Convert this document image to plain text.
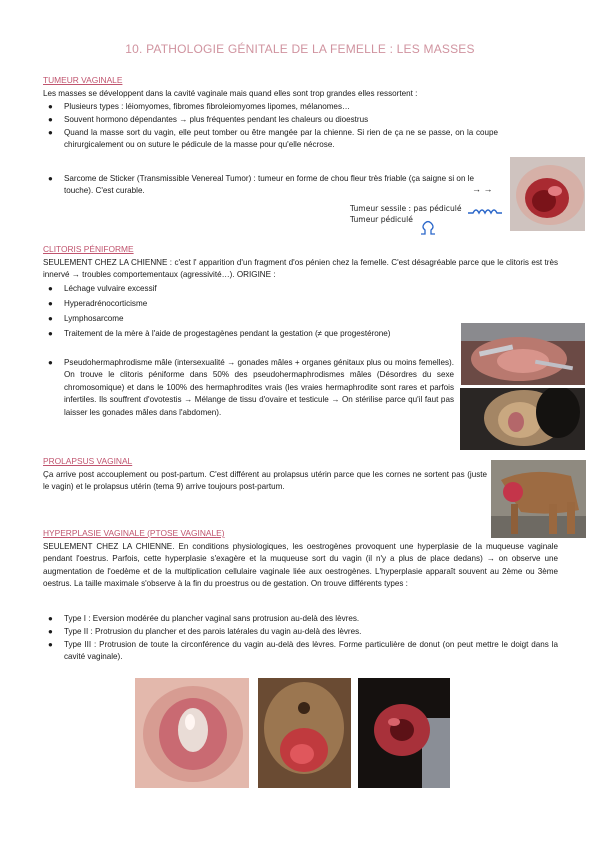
10. PATHOLOGIE GÉNITALE DE LA FEMELLE : LES MASSES
TUMEUR VAGINALE
Les masses se développent dans la cavité vaginale mais quand elles sont trop grandes elles ressortent :
● Plusieurs types : léiomyomes, fibromes fibroleiomyomes lipomes, mélanomes…
● Souvent hormono dépendantes → plus fréquentes pendant les chaleurs ou dioestrus
● Quand la masse sort du vagin, elle peut tomber ou être mangée par la chienne. Si rien de ça ne se passe, on la coupe chirurgicalement ou on suture le pédicule de la masse pour qu'elle nécrose.
● Sarcome de Sticker (Transmissible Venereal Tumor) : tumeur en forme de chou fleur très friable (ça saigne si on le touche). C'est curable.	→ →
Tumeur sessile : pas pédiculé
Tumeur pédiculé
CLITORIS PÉNIFORME
SEULEMENT CHEZ LA CHIENNE : c'est l' apparition d'un fragment d'os pénien chez la femelle. C'est désagréable parce que le clitoris est très innervé → troubles comportementaux (agressivité…). ORIGINE :
● Léchage vulvaire excessif
● Hyperadrénocorticisme
● Lymphosarcome
● Traitement de la mère à l'aide de progestagènes pendant la gestation (≠ que progestérone)
● Pseudohermaphrodisme mâle (intersexualité → gonades mâles + organes génitaux plus ou moins femelles). On trouve le clitoris péniforme dans 50% des pseudohermaphrodismes mâles (Désordres du sexe chromosomique) et dans le 100% des hermaphrodites vrais (les vraies hermaphrodite sont rares et parfois infertiles. Ils souffrent d'ovotestis → Mélange de tissu d'ovaire et testicule → On stérilise parce qu'il faut pas laisser les gonades mâles dans l'abdomen).
PROLAPSUS VAGINAL
Ça arrive post accouplement ou post-partum. C'est différent au prolapsus utérin parce que les cornes ne sortent pas (juste le vagin) et le prolapsus utérin (tema 9) arrive toujours post-partum.
HYPERPLASIE VAGINALE (PTOSE VAGINALE)
SEULEMENT CHEZ LA CHIENNE. En conditions physiologiques, les oestrogènes provoquent une hyperplasie de la muqueuse vaginale pendant l'oestrus. Parfois, cette hyperplasie s'exagère et la muqueuse sort du vagin (il n'y a plus de place dedans) → on observe une augmentation de l'oedème et de la multiplication cellulaire vaginale liée aux oestrogènes. L'hyperplasie apparaît souvent au 2ème ou 3ème oestrus. La taille maximale s'observe à la fin du proestrus ou de gestation. On trouve différents types :
● Type I : Eversion modérée du plancher vaginal sans protrusion au-delà des lèvres.
● Type II : Protrusion du plancher et des parois latérales du vagin au-delà des lèvres.
● Type III : Protrusion de toute la circonférence du vagin au-delà des lèvres. Forme particulière de donut (on peut mettre le doigt dans la cavité vaginale).
